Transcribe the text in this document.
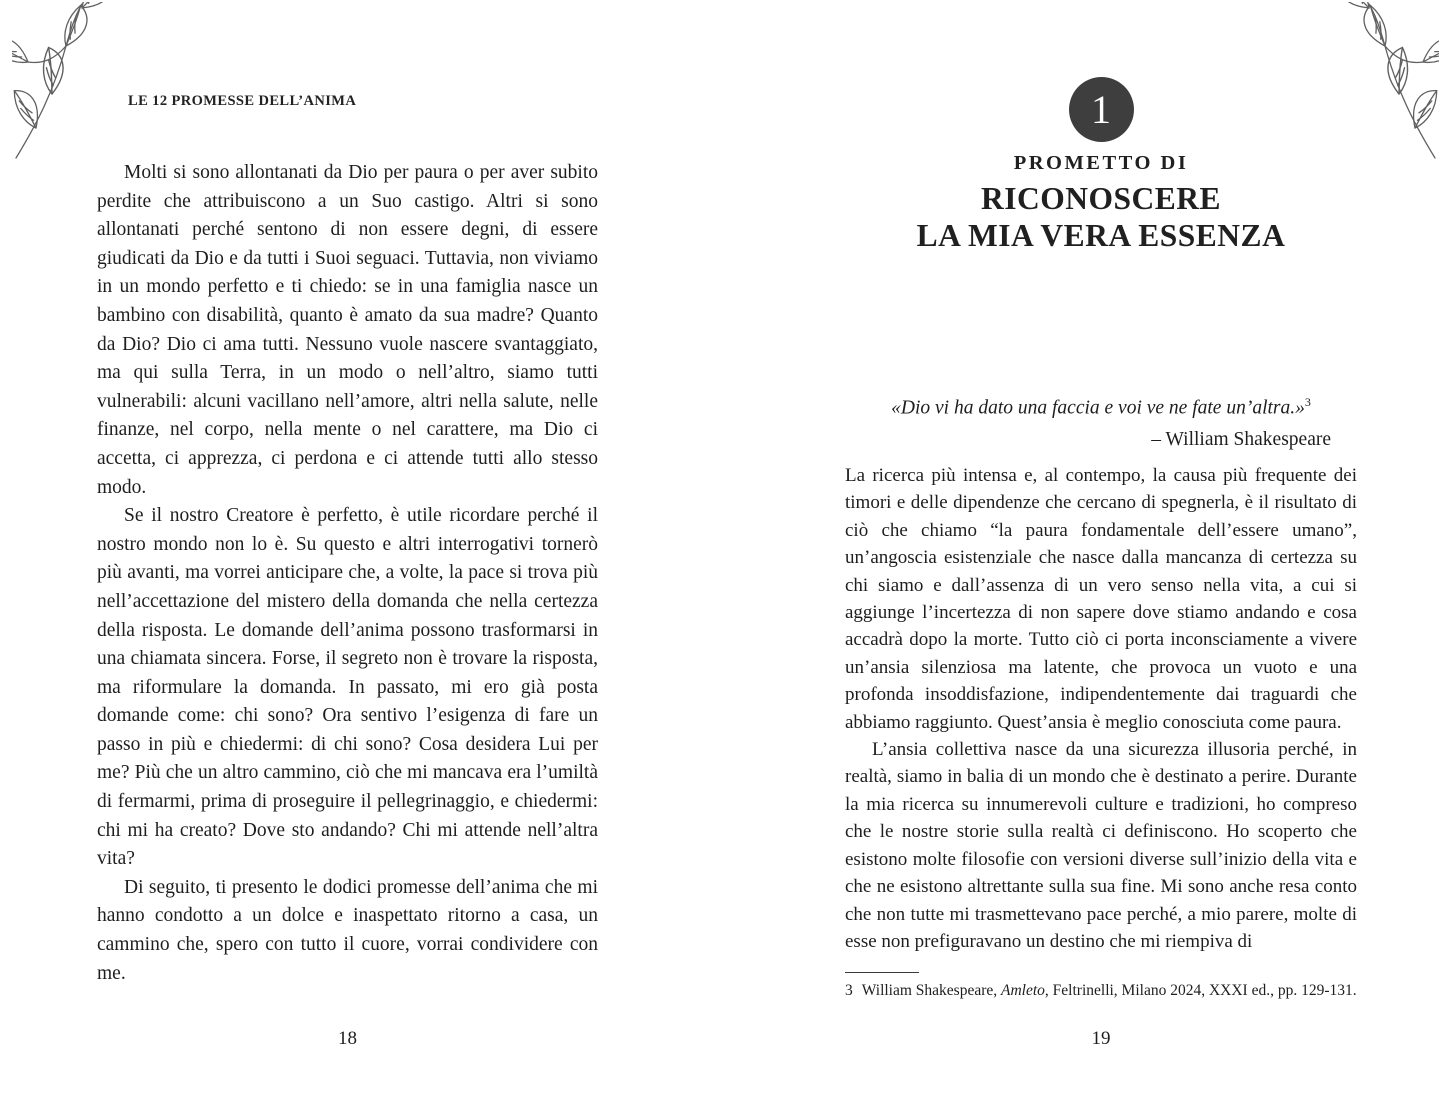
LE 12 PROMESSE DELL’ANIMA

Molti si sono allontanati da Dio per paura o per aver subito perdite che attribuiscono a un Suo castigo. Altri si sono allontanati perché sentono di non essere degni, di essere giudicati da Dio e da tutti i Suoi seguaci. Tuttavia, non viviamo in un mondo perfetto e ti chiedo: se in una famiglia nasce un bambino con disabilità, quanto è amato da sua madre? Quanto da Dio? Dio ci ama tutti. Nessuno vuole nascere svantaggiato, ma qui sulla Terra, in un modo o nell’altro, siamo tutti vulnerabili: alcuni vacillano nell’amore, altri nella salute, nelle finanze, nel corpo, nella mente o nel carattere, ma Dio ci accetta, ci apprezza, ci perdona e ci attende tutti allo stesso modo.

Se il nostro Creatore è perfetto, è utile ricordare perché il nostro mondo non lo è. Su questo e altri interrogativi tornerò più avanti, ma vorrei anticipare che, a volte, la pace si trova più nell’accettazione del mistero della domanda che nella certezza della risposta. Le domande dell’anima possono trasformarsi in una chiamata sincera. Forse, il segreto non è trovare la risposta, ma riformulare la domanda. In passato, mi ero già posta domande come: chi sono? Ora sentivo l’esigenza di fare un passo in più e chiedermi: di chi sono? Cosa desidera Lui per me? Più che un altro cammino, ciò che mi mancava era l’umiltà di fermarmi, prima di proseguire il pellegrinaggio, e chiedermi: chi mi ha creato? Dove sto andando? Chi mi attende nell’altra vita?

Di seguito, ti presento le dodici promesse dell’anima che mi hanno condotto a un dolce e inaspettato ritorno a casa, un cammino che, spero con tutto il cuore, vorrai condividere con me.

18
1
PROMETTO DI
RICONOSCERE
LA MIA VERA ESSENZA
«Dio vi ha dato una faccia e voi ve ne fate un’altra.»$^3$
– William Shakespeare

La ricerca più intensa e, al contempo, la causa più frequente dei timori e delle dipendenze che cercano di spegnerla, è il risultato di ciò che chiamo “la paura fondamentale dell’essere umano”, un’angoscia esistenziale che nasce dalla mancanza di certezza su chi siamo e dall’assenza di un vero senso nella vita, a cui si aggiunge l’incertezza di non sapere dove stiamo andando e cosa accadrà dopo la morte. Tutto ciò ci porta inconsciamente a vivere un’ansia silenziosa ma latente, che provoca un vuoto e una profonda insoddisfazione, indipendentemente dai traguardi che abbiamo raggiunto. Quest’ansia è meglio conosciuta come paura.

L’ansia collettiva nasce da una sicurezza illusoria perché, in realtà, siamo in balia di un mondo che è destinato a perire. Durante la mia ricerca su innumerevoli culture e tradizioni, ho compreso che le nostre storie sulla realtà ci definiscono. Ho scoperto che esistono molte filosofie con versioni diverse sull’inizio della vita e che ne esistono altrettante sulla sua fine. Mi sono anche resa conto che non tutte mi trasmettevano pace perché, a mio parere, molte di esse non prefiguravano un destino che mi riempiva di

3 William Shakespeare, Amleto, Feltrinelli, Milano 2024, XXXI ed., pp. 129-131.
19
